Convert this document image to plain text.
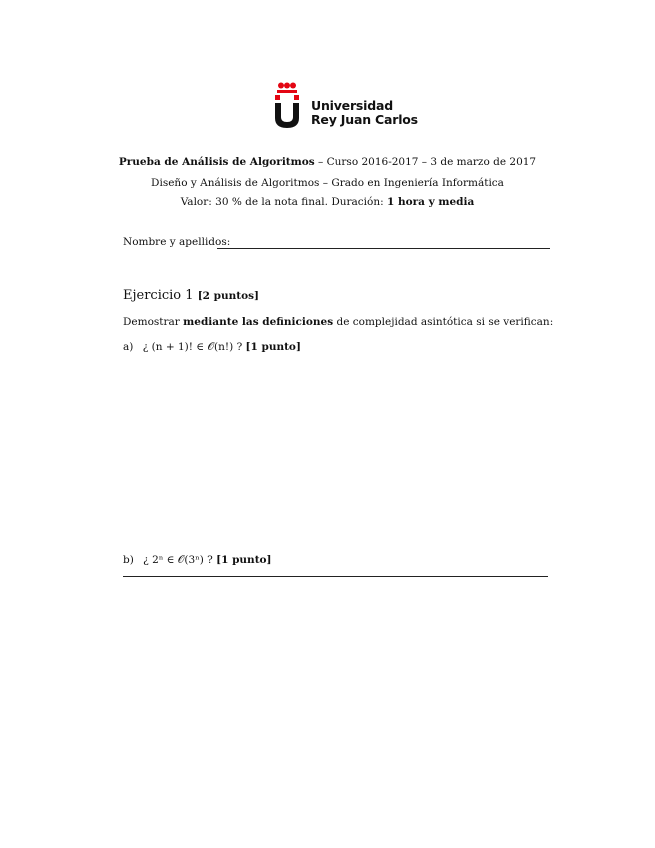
Universidad
Rey Juan Carlos
Prueba de Análisis de Algoritmos – Curso 2016-2017 – 3 de marzo de 2017
Diseño y Análisis de Algoritmos – Grado en Ingeniería Informática
Valor: 30 % de la nota final. Duración: 1 hora y media
Nombre y apellidos:
Ejercicio 1 [2 puntos]
Demostrar mediante las definiciones de complejidad asintótica si se verifican:
a) ¿ (n + 1)! ∈ 𝒪(n!) ? [1 punto]
b) ¿ 2ⁿ ∈ 𝒪(3ⁿ) ? [1 punto]
